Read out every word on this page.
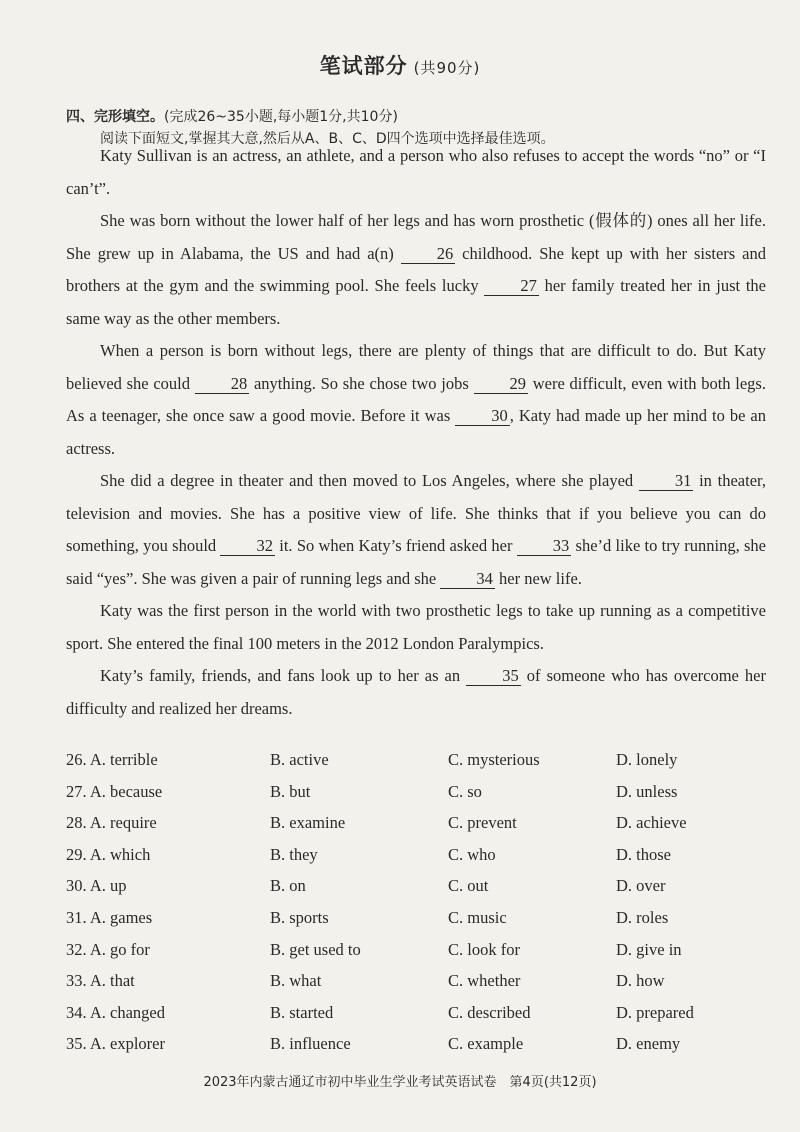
笔试部分 (共90分)
四、完形填空。(完成26~35小题,每小题1分,共10分)
阅读下面短文,掌握其大意,然后从A、B、C、D四个选项中选择最佳选项。

Katy Sullivan is an actress, an athlete, and a person who also refuses to accept the words “no” or “I can’t”.

She was born without the lower half of her legs and has worn prosthetic (假体的) ones all her life. She grew up in Alabama, the US and had a(n) 26 childhood. She kept up with her sisters and brothers at the gym and the swimming pool. She feels lucky 27 her family treated her in just the same way as the other members.

When a person is born without legs, there are plenty of things that are difficult to do. But Katy believed she could 28 anything. So she chose two jobs 29 were difficult, even with both legs. As a teenager, she once saw a good movie. Before it was 30 , Katy had made up her mind to be an actress.

She did a degree in theater and then moved to Los Angeles, where she played 31 in theater, television and movies. She has a positive view of life. She thinks that if you believe you can do something, you should 32 it. So when Katy’s friend asked her 33 she’d like to try running, she said “yes”. She was given a pair of running legs and she 34 her new life.

Katy was the first person in the world with two prosthetic legs to take up running as a competitive sport. She entered the final 100 meters in the 2012 London Paralympics.

Katy’s family, friends, and fans look up to her as an 35 of someone who has overcome her difficulty and realized her dreams.

26. A. terrible	B. active	C. mysterious	D. lonely
27. A. because	B. but	C. so	D. unless
28. A. require	B. examine	C. prevent	D. achieve
29. A. which	B. they	C. who	D. those
30. A. up	B. on	C. out	D. over
31. A. games	B. sports	C. music	D. roles
32. A. go for	B. get used to	C. look for	D. give in
33. A. that	B. what	C. whether	D. how
34. A. changed	B. started	C. described	D. prepared
35. A. explorer	B. influence	C. example	D. enemy
2023年内蒙古通辽市初中毕业生学业考试英语试卷　第4页(共12页)
